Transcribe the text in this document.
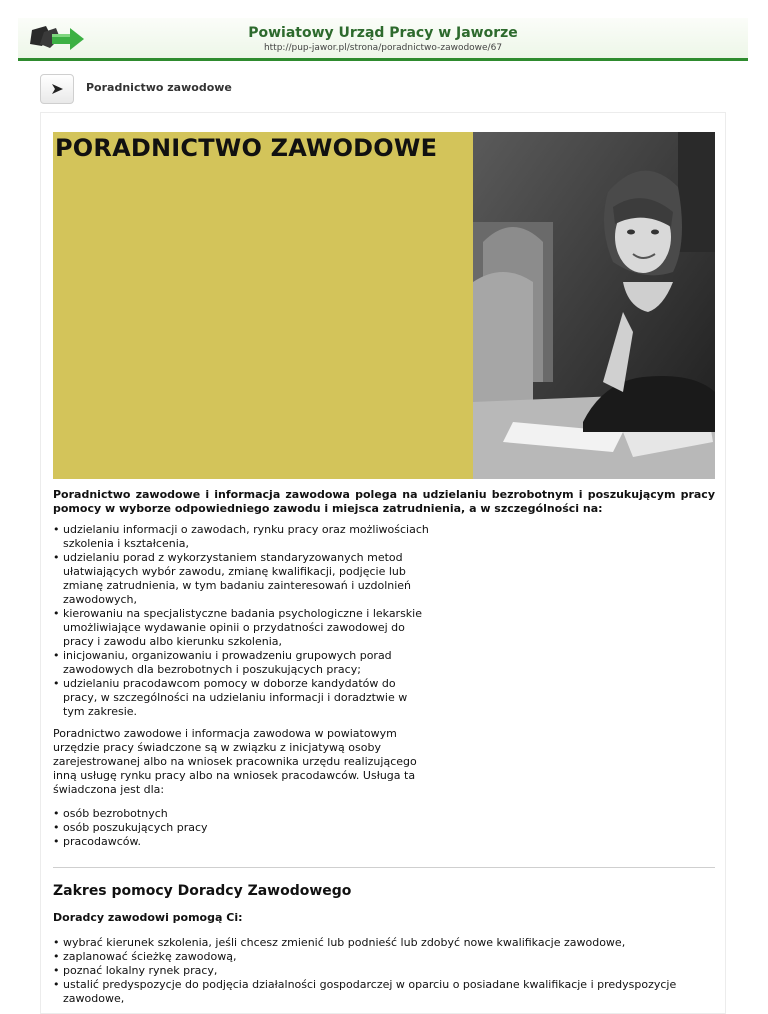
Powiatowy Urząd Pracy w Jaworze
http://pup-jawor.pl/strona/poradnictwo-zawodowe/67
Poradnictwo zawodowe
PORADNICTWO ZAWODOWE

Poradnictwo zawodowe i informacja zawodowa polega na udzielaniu bezrobotnym i poszukującym pracy pomocy w wyborze odpowiedniego zawodu i miejsca zatrudnienia, a w szczególności na:

• udzielaniu informacji o zawodach, rynku pracy oraz możliwościach szkolenia i kształcenia,
• udzielaniu porad z wykorzystaniem standaryzowanych metod ułatwiających wybór zawodu, zmianę kwalifikacji, podjęcie lub zmianę zatrudnienia, w tym badaniu zainteresowań i uzdolnień zawodowych,
• kierowaniu na specjalistyczne badania psychologiczne i lekarskie umożliwiające wydawanie opinii o przydatności zawodowej do pracy i zawodu albo kierunku szkolenia,
• inicjowaniu, organizowaniu i prowadzeniu grupowych porad zawodowych dla bezrobotnych i poszukujących pracy;
• udzielaniu pracodawcom pomocy w doborze kandydatów do pracy, w szczególności na udzielaniu informacji i doradztwie w tym zakresie.

Poradnictwo zawodowe i informacja zawodowa w powiatowym urzędzie pracy świadczone są w związku z inicjatywą osoby zarejestrowanej albo na wniosek pracownika urzędu realizującego inną usługę rynku pracy albo na wniosek pracodawców. Usługa ta świadczona jest dla:

• osób bezrobotnych
• osób poszukujących pracy
• pracodawców.
Zakres pomocy Doradcy Zawodowego

Doradcy zawodowi pomogą Ci:

• wybrać kierunek szkolenia, jeśli chcesz zmienić lub podnieść lub zdobyć nowe kwalifikacje zawodowe,
• zaplanować ścieżkę zawodową,
• poznać lokalny rynek pracy,
• ustalić predyspozycje do podjęcia działalności gospodarczej w oparciu o posiadane kwalifikacje i predyspozycje zawodowe,
